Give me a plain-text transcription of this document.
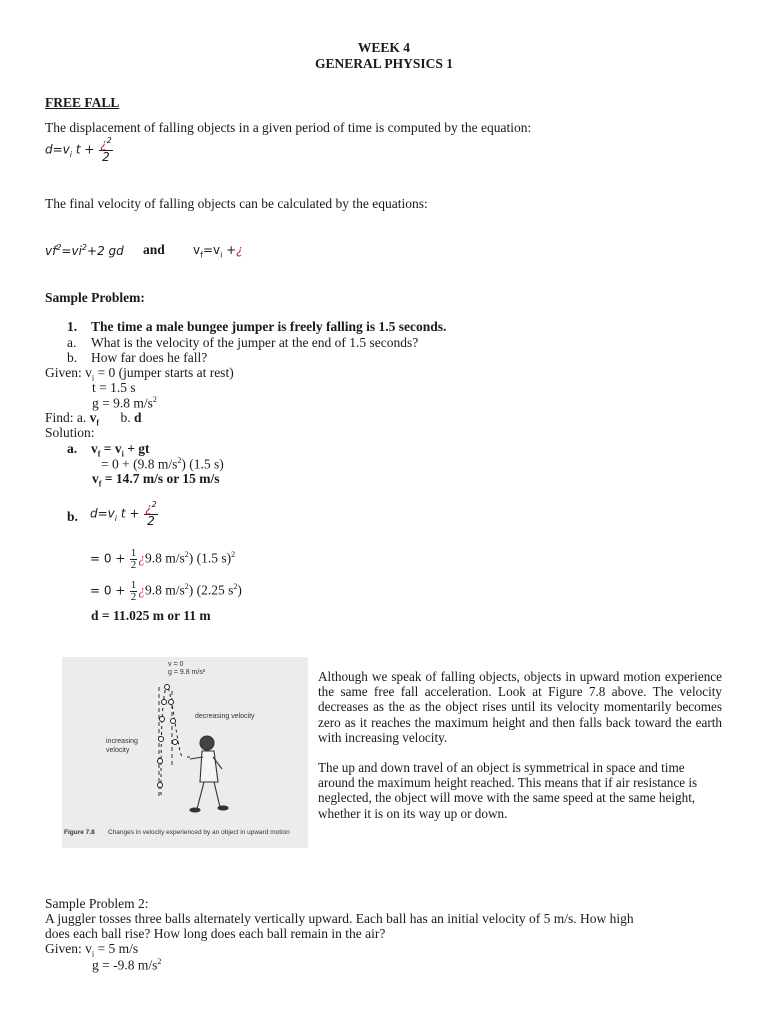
WEEK 4
GENERAL PHYSICS 1
FREE FALL
The displacement of falling objects in a given period of time is computed by the equation:
$d=v_i$ $t + \frac{¿^2}{2}$
The final velocity of falling objects can be calculated by the equations:
$vf^2=vi^2+2$ gd and $v_f=v_i$ +¿
Sample Problem:
1. The time a male bungee jumper is freely falling is 1.5 seconds.
a. What is the velocity of the jumper at the end of 1.5 seconds?
b. How far does he fall?
Given: $v_i = 0$ (jumper starts at rest)
t = 1.5 s
g = 9.8 $m/s^2$
Find: a. $v_f$ b. d
Solution:
a. $v_f = v_i$ + gt
= 0 + (9.8 $m/s^2$) (1.5 s)
$v_f = 14.7$ m/s or 15 m/s
b. $d=v_i$ $t + \frac{¿^2}{2}$
= $0 + \frac{1}{2}$ ¿9.8 $m/s^2$) (1.5 s)$^2$
= $0 + \frac{1}{2}$ ¿9.8 $m/s^2$) (2.25 $s^2$)
d = 11.025 m or 11 m
v = 0
g = 9.8 m/s²
decreasing velocity
increasing
velocity
Figure 7.8	Changes in velocity experienced by an object in upward motion
Although we speak of falling objects, objects in upward motion experience the same free fall acceleration. Look at Figure 7.8 above. The velocity decreases as the as the object rises until its velocity momentarily becomes zero as it reaches the maximum height and then falls back toward the earth with increasing velocity.
The up and down travel of an object is symmetrical in space and time around the maximum height reached. This means that if air resistance is neglected, the object will move with the same speed at the same height, whether it is on its way up or down.
Sample Problem 2:
A juggler tosses three balls alternately vertically upward. Each ball has an initial velocity of 5 m/s. How high
does each ball rise? How long does each ball remain in the air?
Given: $v_i = 5$ m/s
g = -9.8 $m/s^2$
